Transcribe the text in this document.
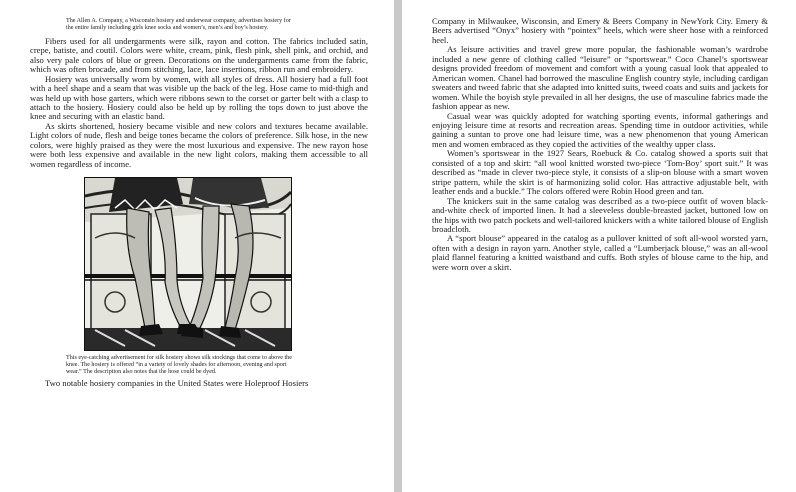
The Allen A. Company, a Wisconsin hosiery and underwear company, advertises hosiery for the entire family including girls knee socks and women’s, men’s and boy’s hosiery.

Fibers used for all undergarments were silk, rayon and cotton. The fabrics included satin, crepe, batiste, and coutil. Colors were white, cream, pink, flesh pink, shell pink, and orchid, and also very pale colors of blue or green. Decorations on the undergarments came from the fabric, which was often brocade, and from stitching, lace, lace insertions, ribbon run and embroidery.

Hosiery was universally worn by women, with all styles of dress. All hosiery had a full foot with a heel shape and a seam that was visible up the back of the leg. Hose came to mid-thigh and was held up with hose garters, which were ribbons sewn to the corset or garter belt with a clasp to attach to the hosiery. Hosiery could also be held up by rolling the tops down to just above the knee and securing with an elastic band.

As skirts shortened, hosiery became visible and new colors and textures became available. Light colors of nude, flesh and beige tones became the colors of preference. Silk hose, in the new colors, were highly praised as they were the most luxurious and expensive. The new rayon hose were both less expensive and available in the new light colors, making them accessible to all women regardless of income.

This eye-catching advertisement for silk hosiery shows silk stockings that come to above the knee. The hosiery is offered “in a variety of lovely shades for afternoon, evening and sport wear.” The description also notes that the hose could be dyed.

Two notable hosiery companies in the United States were Holeproof Hosiers

Company in Milwaukee, Wisconsin, and Emery & Beers Company in NewYork City. Emery & Beers advertised “Onyx” hosiery with “pointex” heels, which were sheer hose with a reinforced heel.

As leisure activities and travel grew more popular, the fashionable woman’s wardrobe included a new genre of clothing called “leisure” or “sportswear.” Coco Chanel’s sportswear designs provided freedom of movement and comfort with a young casual look that appealed to American women. Chanel had borrowed the masculine English country style, including cardigan sweaters and tweed fabric that she adapted into knitted suits, tweed coats and suits and jackets for women. While the boyish style prevailed in all her designs, the use of masculine fabrics made the fashion appear as new.

Casual wear was quickly adopted for watching sporting events, informal gatherings and enjoying leisure time at resorts and recreation areas. Spending time in outdoor activities, while gaining a suntan to prove one had leisure time, was a new phenomenon that young American men and women embraced as they copied the activities of the wealthy upper class.

Women’s sportswear in the 1927 Sears, Roebuck & Co. catalog showed a sports suit that consisted of a top and skirt: “all wool knitted worsted two-piece ‘Tom-Boy’ sport suit.” It was described as “made in clever two-piece style, it consists of a slip-on blouse with a smart woven stripe pattern, while the skirt is of harmonizing solid color. Has attractive adjustable belt, with leather ends and a buckle.” The colors offered were Robin Hood green and tan.

The knickers suit in the same catalog was described as a two-piece outfit of woven black-and-white check of imported linen. It had a sleeveless double-breasted jacket, buttoned low on the hips with two patch pockets and well-tailored knickers with a white tailored blouse of English broadcloth.

A “sport blouse” appeared in the catalog as a pullover knitted of soft all-wool worsted yarn, often with a design in rayon yarn. Another style, called a “Lumberjack blouse,” was an all-wool plaid flannel featuring a knitted waistband and cuffs. Both styles of blouse came to the hip, and were worn over a skirt.
